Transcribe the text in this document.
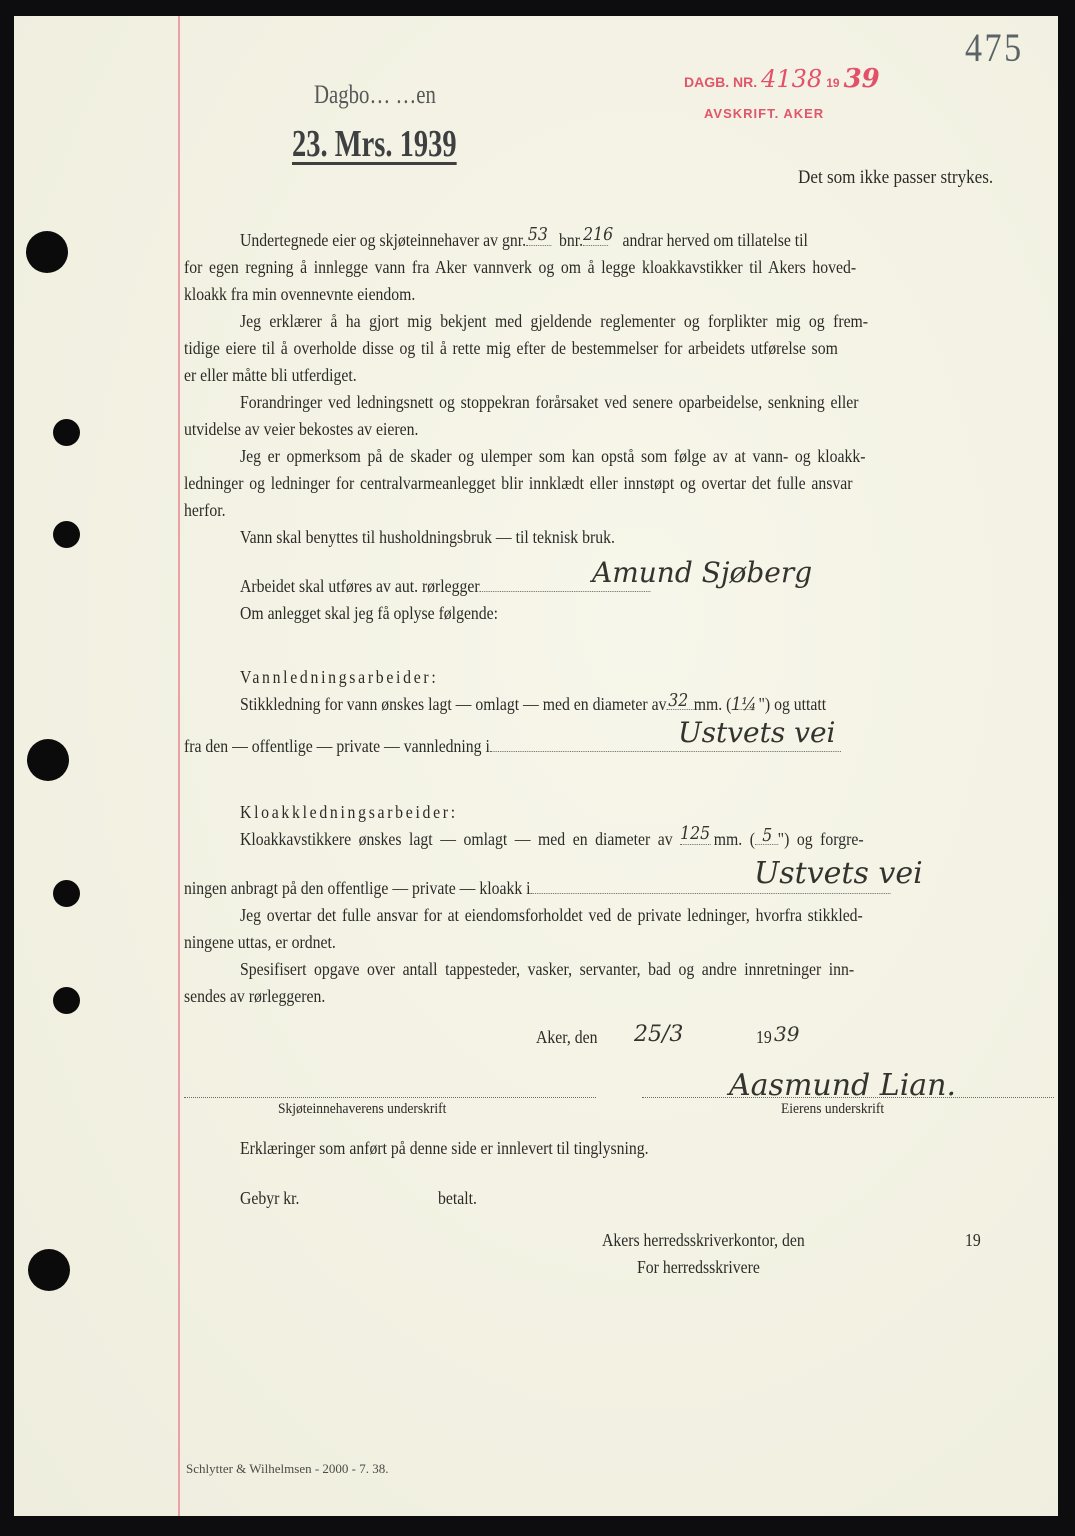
475
Dagbo… …en
23. Mrs. 1939
DAGB. NR. 4138 19 39
AVSKRIFT. AKER
Det som ikke passer strykes.
Undertegnede eier og skjøteinnehaver av gnr. 53 bnr.216 andrar herved om tillatelse til
for egen regning å innlegge vann fra Aker vannverk og om å legge kloakkavstikker til Akers hoved-
kloakk fra min ovennevnte eiendom.
Jeg erklærer å ha gjort mig bekjent med gjeldende reglementer og forplikter mig og frem-
tidige eiere til å overholde disse og til å rette mig efter de bestemmelser for arbeidets utførelse som
er eller måtte bli utferdiget.
Forandringer ved ledningsnett og stoppekran forårsaket ved senere oparbeidelse, senkning eller
utvidelse av veier bekostes av eieren.
Jeg er opmerksom på de skader og ulemper som kan opstå som følge av at vann- og kloakk-
ledninger og ledninger for centralvarmeanlegget blir innklædt eller innstøpt og overtar det fulle ansvar
herfor.
Vann skal benyttes til husholdningsbruk — til teknisk bruk.
Arbeidet skal utføres av aut. rørlegger	Amund Sjøberg
Om anlegget skal jeg få oplyse følgende:
Vannledningsarbeider:
Stikkledning for vann ønskes lagt — omlagt — med en diameter av 32 mm. (1¼ ") og uttatt
fra den — offentlige — private — vannledning i	Ustvets vei
Kloakkledningsarbeider:
Kloakkavstikkere ønskes lagt — omlagt — med en diameter av 125 mm. ( 5 ") og forgre-
ningen anbragt på den offentlige — private — kloakk i	Ustvets vei
Jeg overtar det fulle ansvar for at eiendomsforholdet ved de private ledninger, hvorfra stikkled-
ningene uttas, er ordnet.
Spesifisert opgave over antall tappesteder, vasker, servanter, bad og andre innretninger inn-
sendes av rørleggeren.
Aker, den 25/3	19 39
Aasmund Lian.
Skjøteinnehaverens underskrift	Eierens underskrift
Erklæringer som anført på denne side er innlevert til tinglysning.
Gebyr kr.	betalt.
Akers herredsskriverkontor, den	19
For herredsskrivere
Schlytter & Wilhelmsen - 2000 - 7. 38.
